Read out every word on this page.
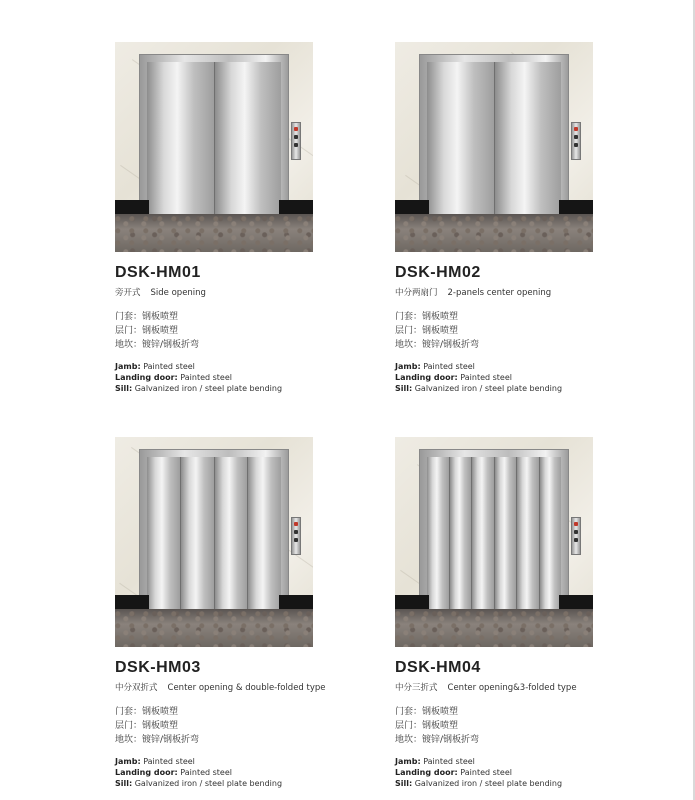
DSK-HM01
旁开式 Side opening
门套：钢板喷塑
层门：钢板喷塑
地坎：镀锌/钢板折弯
Jamb: Painted steel
Landing door: Painted steel
Sill: Galvanized iron / steel plate bending
DSK-HM02
中分两扇门 2-panels center opening
门套：钢板喷塑
层门：钢板喷塑
地坎：镀锌/钢板折弯
Jamb: Painted steel
Landing door: Painted steel
Sill: Galvanized iron / steel plate bending
DSK-HM03
中分双折式 Center opening & double-folded type
门套：钢板喷塑
层门：钢板喷塑
地坎：镀锌/钢板折弯
Jamb: Painted steel
Landing door: Painted steel
Sill: Galvanized iron / steel plate bending
DSK-HM04
中分三折式 Center opening&3-folded type
门套：钢板喷塑
层门：钢板喷塑
地坎：镀锌/钢板折弯
Jamb: Painted steel
Landing door: Painted steel
Sill: Galvanized iron / steel plate bending
